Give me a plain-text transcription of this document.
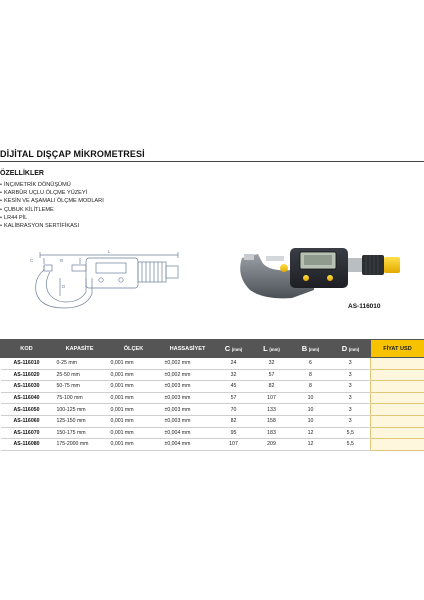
DİJİTAL DIŞÇAP MİKROMETRESİ
ÖZELLİKLER
• İNÇ/METRİK DÖNÜŞÜMÜ
• KARBÜR UÇLU ÖLÇME YÜZEYİ
• KESİN VE AŞAMALI ÖLÇME MODLARI
• ÇUBUK KİLİTLEME
• LR44 PİL
• KALİBRASYON SERTİFİKASI
L
B
C
D
AS-116010
KOD	KAPASİTE	ÖLÇEK	HASSASİYET	C (mm)	L (mm)	B (mm)	D (mm)	FİYAT USD
AS-116010	0-25 mm	0,001 mm	±0,002 mm	24	32	6	3	
AS-116020	25-50 mm	0,001 mm	±0,002 mm	32	57	8	3	
AS-116030	50-75 mm	0,001 mm	±0,003 mm	45	82	8	3	
AS-116040	75-100 mm	0,001 mm	±0,003 mm	57	107	10	3	
AS-116050	100-125 mm	0,001 mm	±0,003 mm	70	133	10	3	
AS-116060	125-150 mm	0,001 mm	±0,003 mm	82	158	10	3	
AS-116070	150-175 mm	0,001 mm	±0,004 mm	95	183	12	5,5	
AS-116080	175-2000 mm	0,001 mm	±0,004 mm	107	209	12	5,5	
